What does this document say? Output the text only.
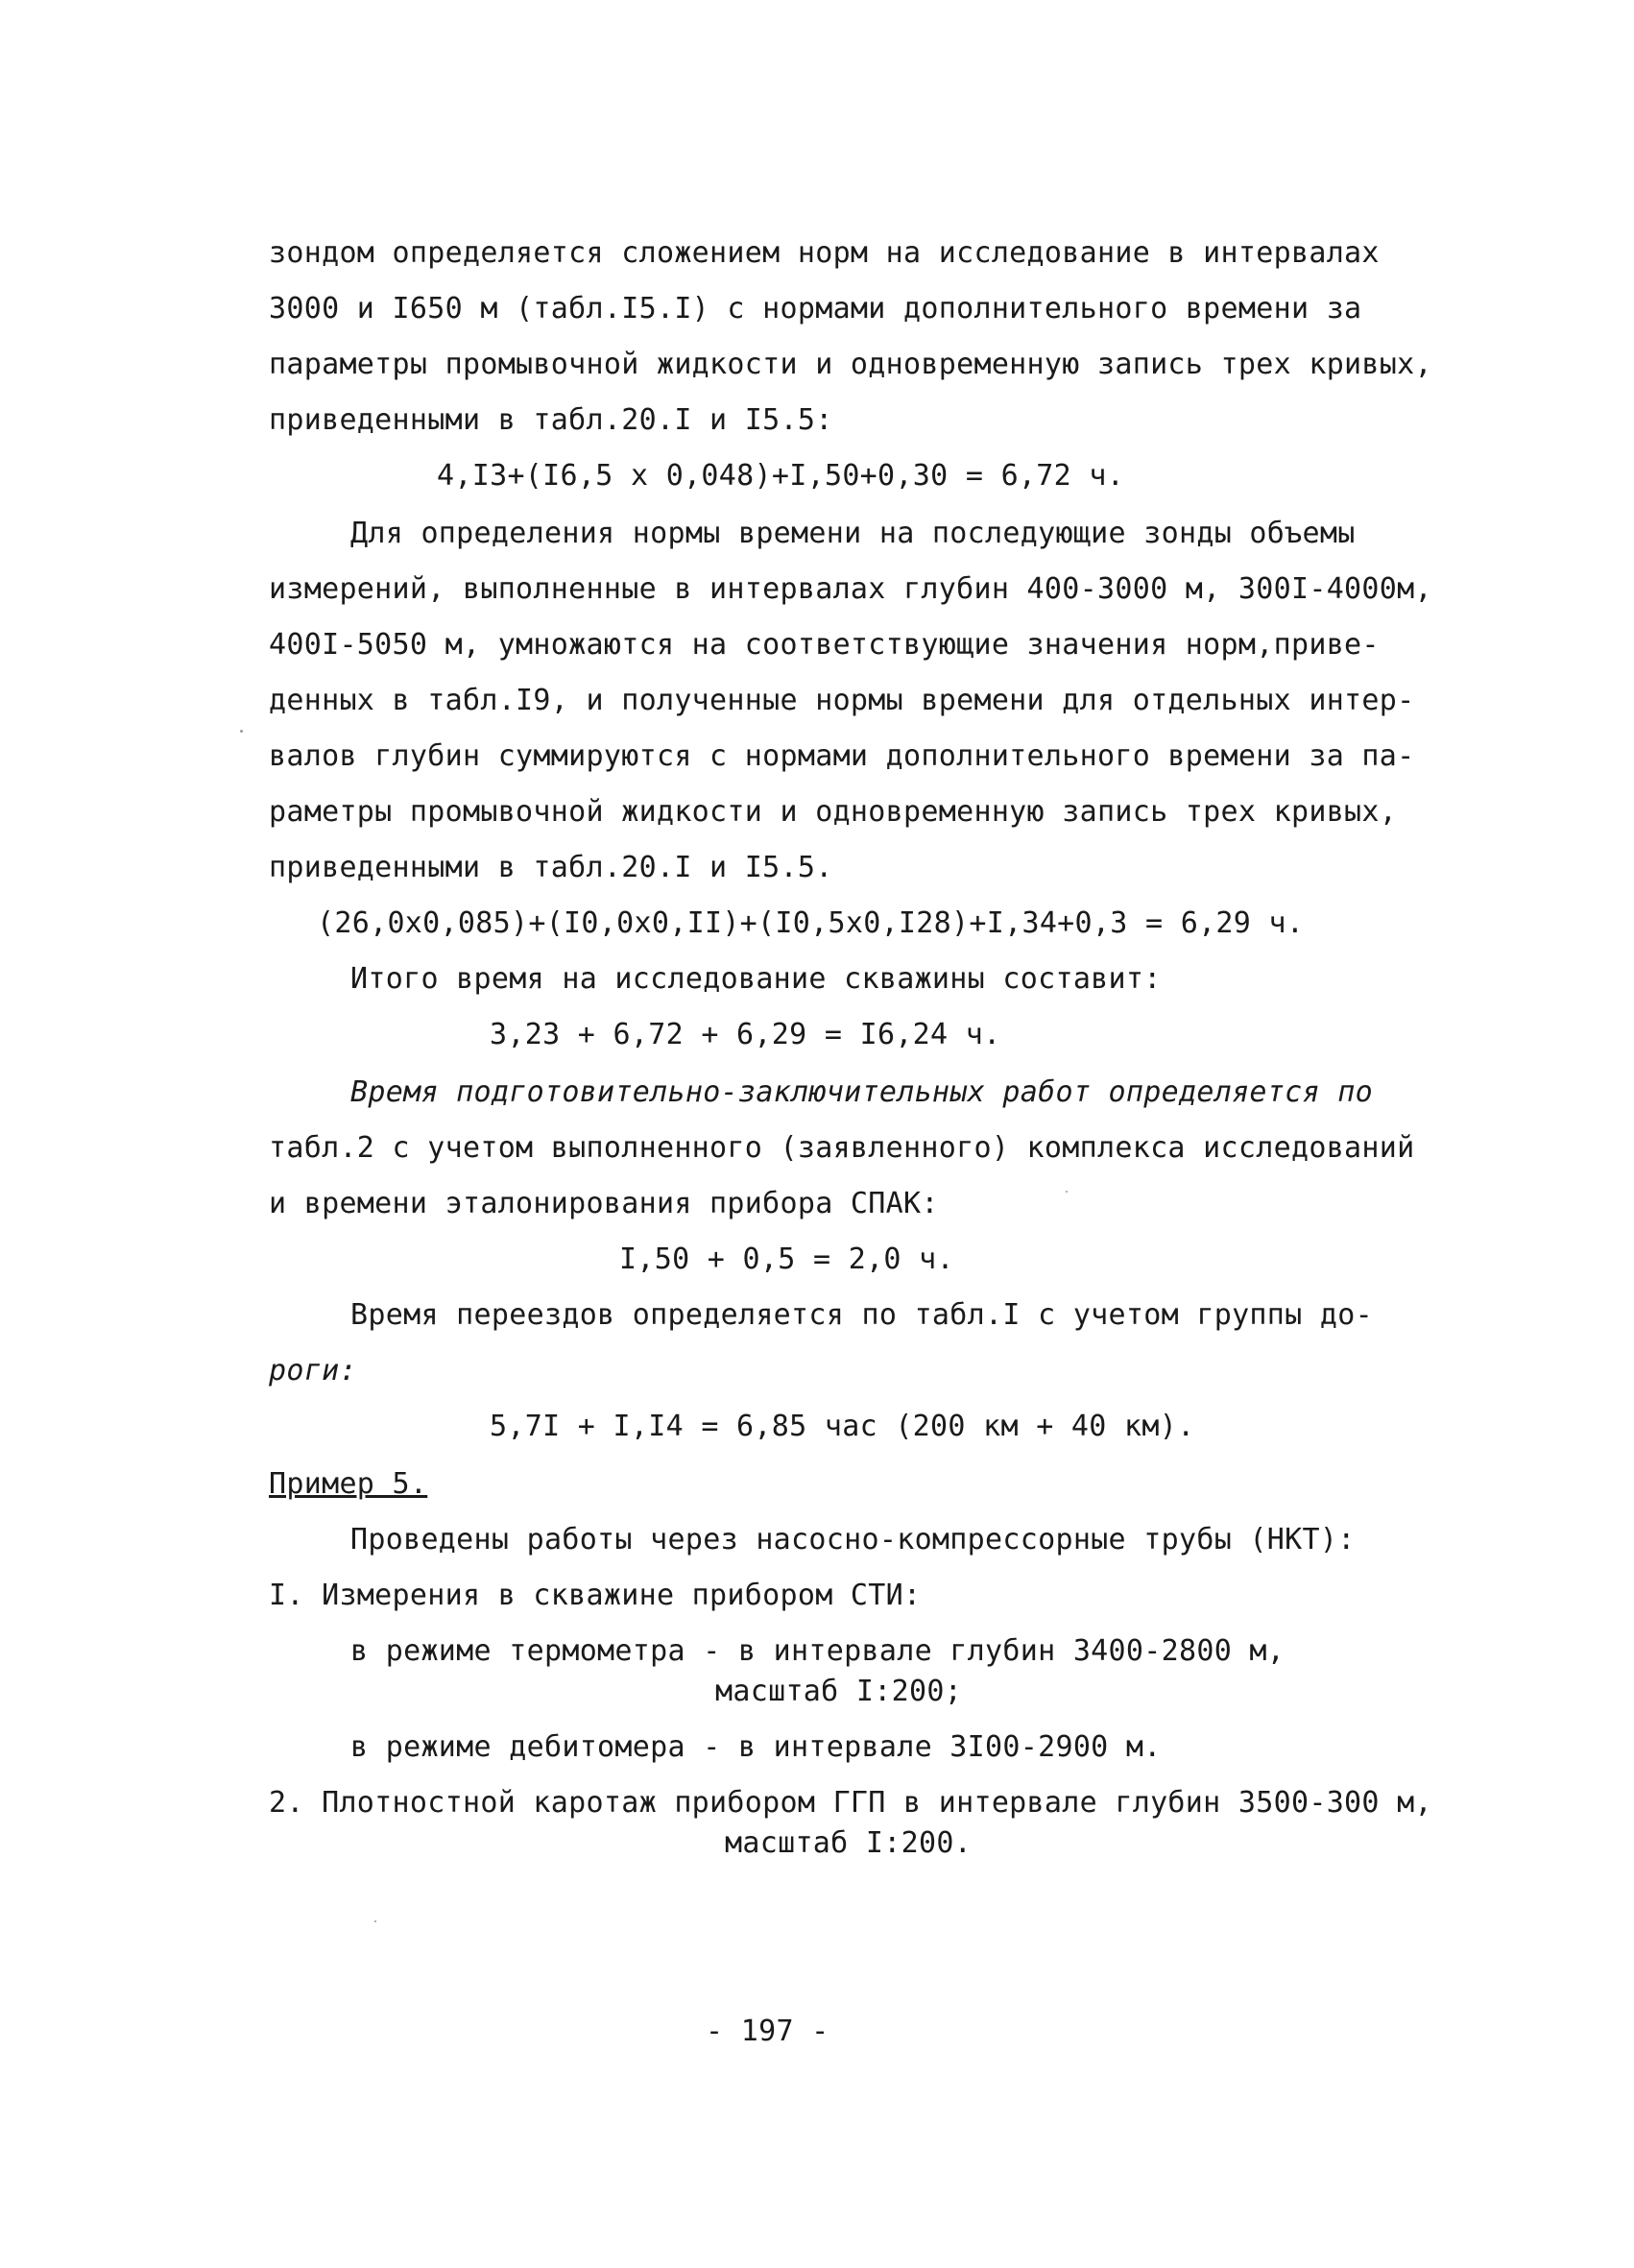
зондом определяется сложением норм на исследование в интервалах
3000 и I650 м (табл.I5.I) с нормами дополнительного времени за
параметры промывочной жидкости и одновременную запись трех кривых,
приведенными в табл.20.I и I5.5:
4,I3+(I6,5 x 0,048)+I,50+0,30 = 6,72 ч.
Для определения нормы времени на последующие зонды объемы
измерений, выполненные в интервалах глубин 400-3000 м, 300I-4000м,
400I-5050 м, умножаются на соответствующие значения норм,приве-
денных в табл.I9, и полученные нормы времени для отдельных интер-
валов глубин суммируются с нормами дополнительного времени за па-
раметры промывочной жидкости и одновременную запись трех кривых,
приведенными в табл.20.I и I5.5.
(26,0x0,085)+(I0,0x0,II)+(I0,5x0,I28)+I,34+0,3 = 6,29 ч.
Итого время на исследование скважины составит:
3,23 + 6,72 + 6,29 = I6,24 ч.
Время подготовительно-заключительных работ определяется по
табл.2 с учетом выполненного (заявленного) комплекса исследований
и времени эталонирования прибора СПАК:
I,50 + 0,5 = 2,0 ч.
Время переездов определяется по табл.I с учетом группы до-
роги:
5,7I + I,I4 = 6,85 час (200 км + 40 км).
Пример 5.
Проведены работы через насосно-компрессорные трубы (НКТ):
I. Измерения в скважине прибором СТИ:
в режиме термометра - в интервале глубин 3400-2800 м,
масштаб I:200;
в режиме дебитомера - в интервале 3I00-2900 м.
2. Плотностной каротаж прибором ГГП в интервале глубин 3500-300 м,
масштаб I:200.
- 197 -
